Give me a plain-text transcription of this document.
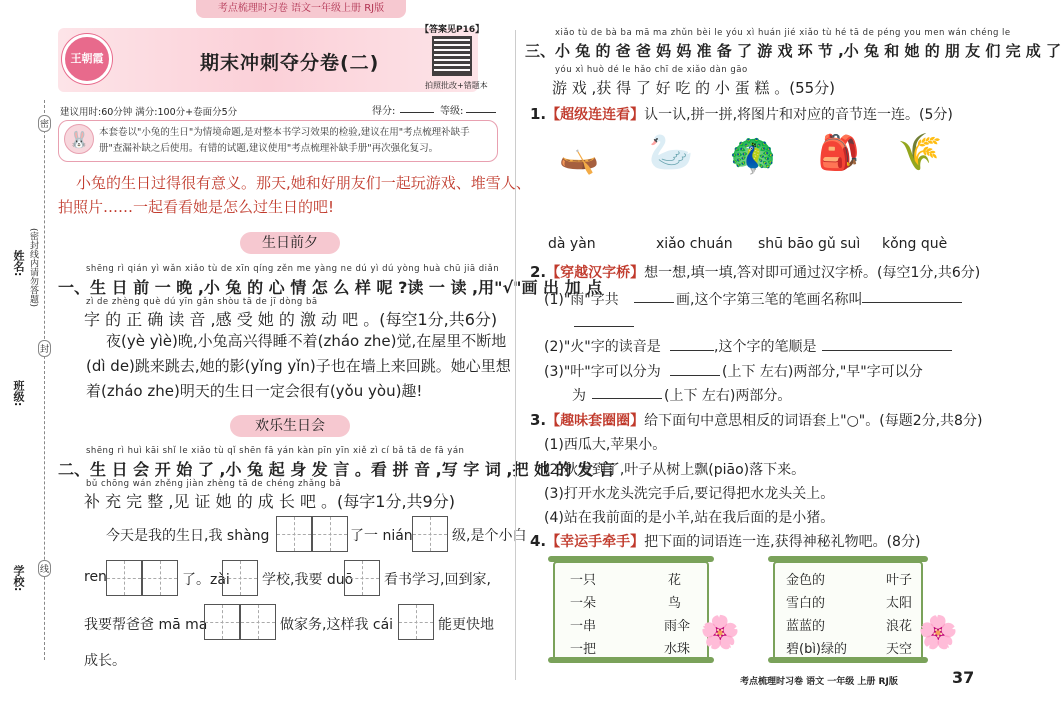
考点梳理时习卷 语文一年级上册 RJ版
密
封
线
姓名: (密封线内请勿答题)
班级:
学校:
王朝霞	期末冲刺夺分卷(二)
【答案见P16】
拍照批改+错题本
建议用时:60分钟 满分:100分+卷面分5分	得分:	等级:
本套卷以"小兔的生日"为情境命题,是对整本书学习效果的检验,建议在用"考点梳理补缺手册"查漏补缺之后使用。有错的试题,建议使用"考点梳理补缺手册"再次强化复习。
🐰
小兔的生日过得很有意义。那天,她和好朋友们一起玩游戏、堆雪人、
拍照片……一起看看她是怎么过生日的吧!
生日前夕
shēng rì qián yì wǎn xiǎo tù de xīn qíng zěn me yàng ne dú yì dú yòng huà chū jiā diǎn
一、生 日 前 一 晚 ,小 兔 的 心 情 怎 么 样 呢 ?读 一 读 ,用"√"画 出 加 点
zì de zhèng què dú yīn gǎn shòu tā de jī dòng bā
字 的 正 确 读 音 ,感 受 她 的 激 动 吧 。(每空1分,共6分)
夜(yè yìè)晚,小兔高兴得睡不着(zháo zhe)觉,在屋里不断地
(dì de)跳来跳去,她的影(yǐng yǐn)子也在墙上来回跳。她心里想
着(zháo zhe)明天的生日一定会很有(yǒu yòu)趣!
欢乐生日会
shēng rì huì kāi shǐ le xiǎo tù qǐ shēn fā yán kàn pīn yīn xiě zì cí bǎ tā de fā yán
二、生 日 会 开 始 了 ,小 兔 起 身 发 言 。看 拼 音 ,写 字 词 ,把 她 的 发 言
bǔ chōng wán zhěng jiàn zhèng tā de chéng zhǎng bā
补 充 完 整 ,见 证 她 的 成 长 吧 。(每字1分,共9分)
今天是我的生日,我 shàng	了一 nián	级,是个小白
ren	了。zài 学校,我要 duō 看书学习,回到家,
我要帮爸爸 mā ma	做家务,这样我 cái	能更快地
成长。
xiǎo tù de bà ba mā ma zhǔn bèi le yóu xì huán jié xiǎo tù hé tā de péng you men wán chéng le
三、小 兔 的 爸 爸 妈 妈 准 备 了 游 戏 环 节 ,小 兔 和 她 的 朋 友 们 完 成 了
yóu xì huò dé le hǎo chī de xiǎo dàn gāo
游 戏 ,获 得 了 好 吃 的 小 蛋 糕 。(55分)
1.【超级连连看】认一认,拼一拼,将图片和对应的音节连一连。(5分)
🛶	🦢 🦚 🎒 🌾
dà yàn	xiǎo chuán shū bāo gǔ suì kǒng què
2.【穿越汉字桥】想一想,填一填,答对即可通过汉字桥。(每空1分,共6分)
(1)"雨"字共	画,这个字第三笔的笔画名称叫
(2)"火"字的读音是	,这个字的笔顺是
(3)"叶"字可以分为	(上下 左右)两部分,"早"字可以分
为	(上下 左右)两部分。
3.【趣味套圈圈】给下面句中意思相反的词语套上"○"。(每题2分,共8分)
(1)西瓜大,苹果小。
(2)秋天到了,叶子从树上飘(piāo)落下来。
(3)打开水龙头洗完手后,要记得把水龙头关上。
(4)站在我前面的是小羊,站在我后面的是小猪。
4.【幸运手牵手】把下面的词语连一连,获得神秘礼物吧。(8分)
一只
一朵
一串
一把
花
鸟
雨伞
水珠 🌸
金色的
雪白的
蓝蓝的
碧(bì)绿的
叶子
太阳
浪花
天空 🌸
考点梳理时习卷 语文 一年级 上册 RJ版	37
